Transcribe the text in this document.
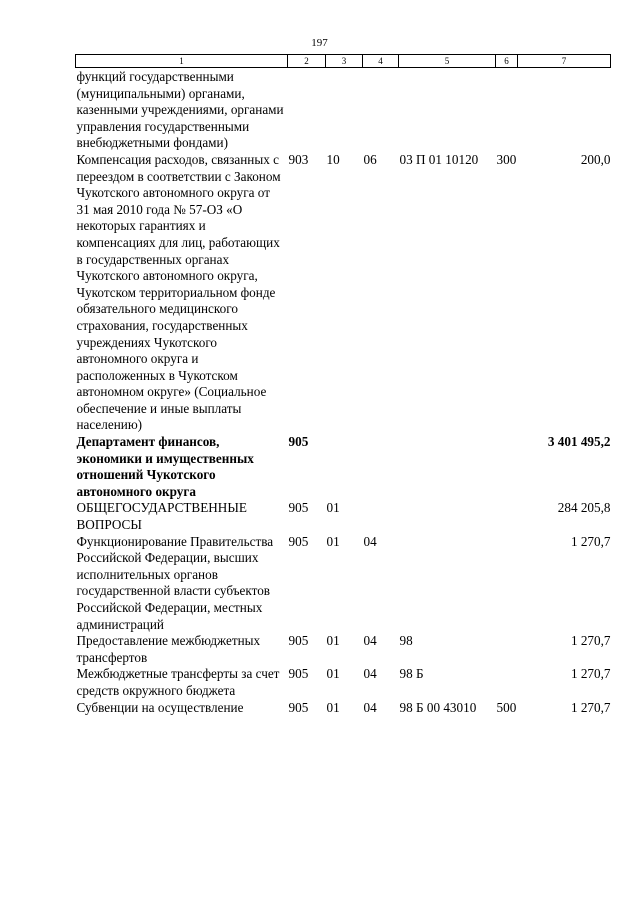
197
1	2	3	4	5	6	7
функций государственными (муниципальными) органами, казенными учреждениями, органами управления государственными внебюджетными фондами)						
Компенсация расходов, связанных с переездом в соответствии с Законом Чукотского автономного округа от 31 мая 2010 года № 57-ОЗ «О некоторых гарантиях и компенсациях для лиц, работающих в государственных органах Чукотского автономного округа, Чукотском территориальном фонде обязательного медицинского страхования, государственных учреждениях Чукотского автономного округа и расположенных в Чукотском автономном округе» (Социальное обеспечение и иные выплаты населению)	903	10	06	03 П 01 10120	300	200,0
Департамент финансов, экономики и имущественных отношений Чукотского автономного округа	905					3 401 495,2
ОБЩЕГОСУДАРСТВЕННЫЕ ВОПРОСЫ	905	01				284 205,8
Функционирование Правительства Российской Федерации, высших исполнительных органов государственной власти субъектов Российской Федерации, местных администраций	905	01	04			1 270,7
Предоставление межбюджетных трансфертов	905	01	04	98		1 270,7
Межбюджетные трансферты за счет средств окружного бюджета	905	01	04	98 Б		1 270,7
Субвенции на осуществление	905	01	04	98 Б 00 43010	500	1 270,7
